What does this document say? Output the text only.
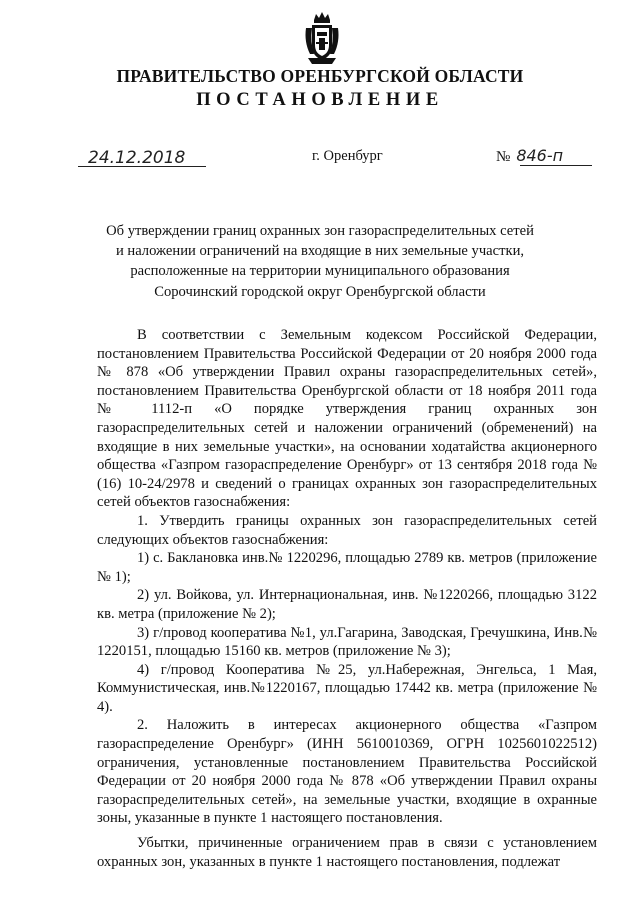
ПРАВИТЕЛЬСТВО ОРЕНБУРГСКОЙ ОБЛАСТИ
ПОСТАНОВЛЕНИЕ
24.12.2018	г. Оренбург	№ 846-п
Об утверждении границ охранных зон газораспределительных сетей
и наложении ограничений на входящие в них земельные участки,
расположенные на территории муниципального образования
Сорочинский городской округ Оренбургской области

В соответствии с Земельным кодексом Российской Федерации, постановлением Правительства Российской Федерации от 20 ноября 2000 года № 878 «Об утверждении Правил охраны газораспределительных сетей», постановлением Правительства Оренбургской области от 18 ноября 2011 года № 1112-п «О порядке утверждения границ охранных зон газораспределительных сетей и наложении ограничений (обременений) на входящие в них земельные участки», на основании ходатайства акционерного общества «Газпром газораспределение Оренбург» от 13 сентября 2018 года № (16) 10-24/2978 и сведений о границах охранных зон газораспределительных сетей объектов газоснабжения:

1. Утвердить границы охранных зон газораспределительных сетей следующих объектов газоснабжения:

1) с. Баклановка инв.№ 1220296, площадью 2789 кв. метров (приложение № 1);

2) ул. Войкова, ул. Интернациональная, инв. №1220266, площадью 3122 кв. метра (приложение № 2);

3) г/провод кооператива №1, ул.Гагарина, Заводская, Гречушкина, Инв.№ 1220151, площадью 15160 кв. метров (приложение № 3);

4) г/провод Кооператива №25, ул.Набережная, Энгельса, 1 Мая, Коммунистическая, инв.№1220167, площадью 17442 кв. метра (приложение № 4).

2. Наложить в интересах акционерного общества «Газпром газораспределение Оренбург» (ИНН 5610010369, ОГРН 1025601022512) ограничения, установленные постановлением Правительства Российской Федерации от 20 ноября 2000 года № 878 «Об утверждении Правил охраны газораспределительных сетей», на земельные участки, входящие в охранные зоны, указанные в пункте 1 настоящего постановления.

Убытки, причиненные ограничением прав в связи с установлением охранных зон, указанных в пункте 1 настоящего постановления, подлежат
